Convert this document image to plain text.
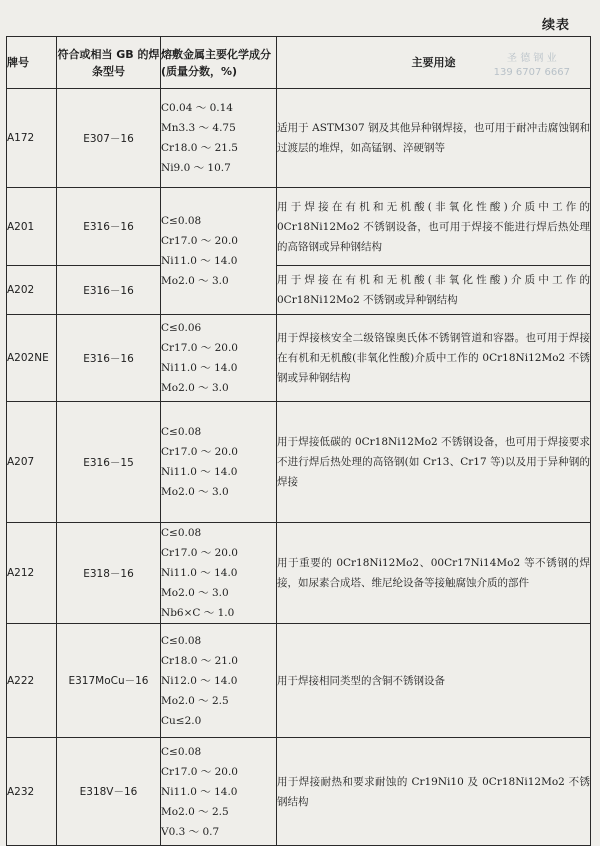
续表
圣 德 钢 业
139 6707 6667
牌号	符合或相当 GB 的焊条型号	熔敷金属主要化学成分(质量分数，%)	主要用途
A172	E307－16	C0.04 ～ 0.14
Mn3.3 ～ 4.75
Cr18.0 ～ 21.5
Ni9.0 ～ 10.7	适用于 ASTM307 钢及其他异种钢焊接，也可用于耐冲击腐蚀钢和过渡层的堆焊，如高锰钢、淬硬钢等
A201	E316－16	C≤0.08
Cr17.0 ～ 20.0
Ni11.0 ～ 14.0
Mo2.0 ～ 3.0	用于焊接在有机和无机酸(非氧化性酸)介质中工作的 0Cr18Ni12Mo2 不锈钢设备，也可用于焊接不能进行焊后热处理的高铬钢或异种钢结构
A202	E316－16		用于焊接在有机和无机酸(非氧化性酸)介质中工作的 0Cr18Ni12Mo2 不锈钢或异种钢结构
A202NE	E316－16	C≤0.06
Cr17.0 ～ 20.0
Ni11.0 ～ 14.0
Mo2.0 ～ 3.0	用于焊接核安全二级铬镍奥氏体不锈钢管道和容器。也可用于焊接在有机和无机酸(非氧化性酸)介质中工作的 0Cr18Ni12Mo2 不锈钢或异种钢结构
A207	E316－15	C≤0.08
Cr17.0 ～ 20.0
Ni11.0 ～ 14.0
Mo2.0 ～ 3.0	用于焊接低碳的 0Cr18Ni12Mo2 不锈钢设备，也可用于焊接要求不进行焊后热处理的高铬钢(如 Cr13、Cr17 等)以及用于异种钢的焊接
A212	E318－16	C≤0.08
Cr17.0 ～ 20.0
Ni11.0 ～ 14.0
Mo2.0 ～ 3.0
Nb6×C ～ 1.0	用于重要的 0Cr18Ni12Mo2、00Cr17Ni14Mo2 等不锈钢的焊接，如尿素合成塔、维尼纶设备等接触腐蚀介质的部件
A222	E317MoCu－16	C≤0.08
Cr18.0 ～ 21.0
Ni12.0 ～ 14.0
Mo2.0 ～ 2.5
Cu≤2.0	用于焊接相同类型的含铜不锈钢设备
A232	E318V－16	C≤0.08
Cr17.0 ～ 20.0
Ni11.0 ～ 14.0
Mo2.0 ～ 2.5
V0.3 ～ 0.7	用于焊接耐热和要求耐蚀的 Cr19Ni10 及 0Cr18Ni12Mo2 不锈钢结构
